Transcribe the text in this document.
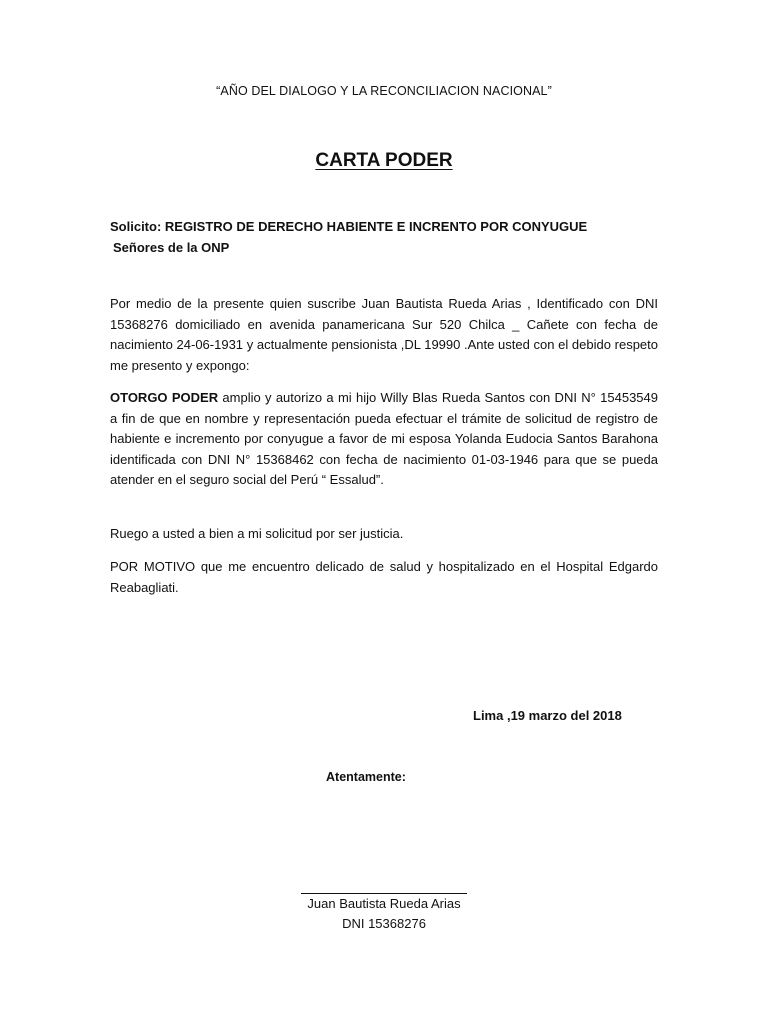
“AÑO DEL DIALOGO Y LA RECONCILIACION NACIONAL”
CARTA PODER
Solicito: REGISTRO DE DERECHO HABIENTE E INCRENTO POR CONYUGUE
Señores de la ONP
Por medio de la presente quien suscribe Juan Bautista Rueda Arias , Identificado con DNI 15368276 domiciliado en avenida panamericana Sur 520 Chilca _ Cañete con fecha de nacimiento 24-06-1931 y actualmente pensionista ,DL 19990 .Ante usted con el debido respeto me presento y expongo:
OTORGO PODER amplio y autorizo a mi hijo Willy Blas Rueda Santos con DNI N° 15453549 a fin de que en nombre y representación pueda efectuar el trámite de solicitud de registro de habiente e incremento por conyugue a favor de mi esposa Yolanda Eudocia Santos Barahona identificada con DNI N° 15368462 con fecha de nacimiento 01-03-1946 para que se pueda atender en el seguro social del Perú “ Essalud”.
Ruego a usted a bien a mi solicitud por ser justicia.
POR MOTIVO que me encuentro delicado de salud y hospitalizado en el Hospital Edgardo Reabagliati.
Lima ,19 marzo del 2018
Atentamente:
Juan Bautista Rueda Arias
DNI 15368276
